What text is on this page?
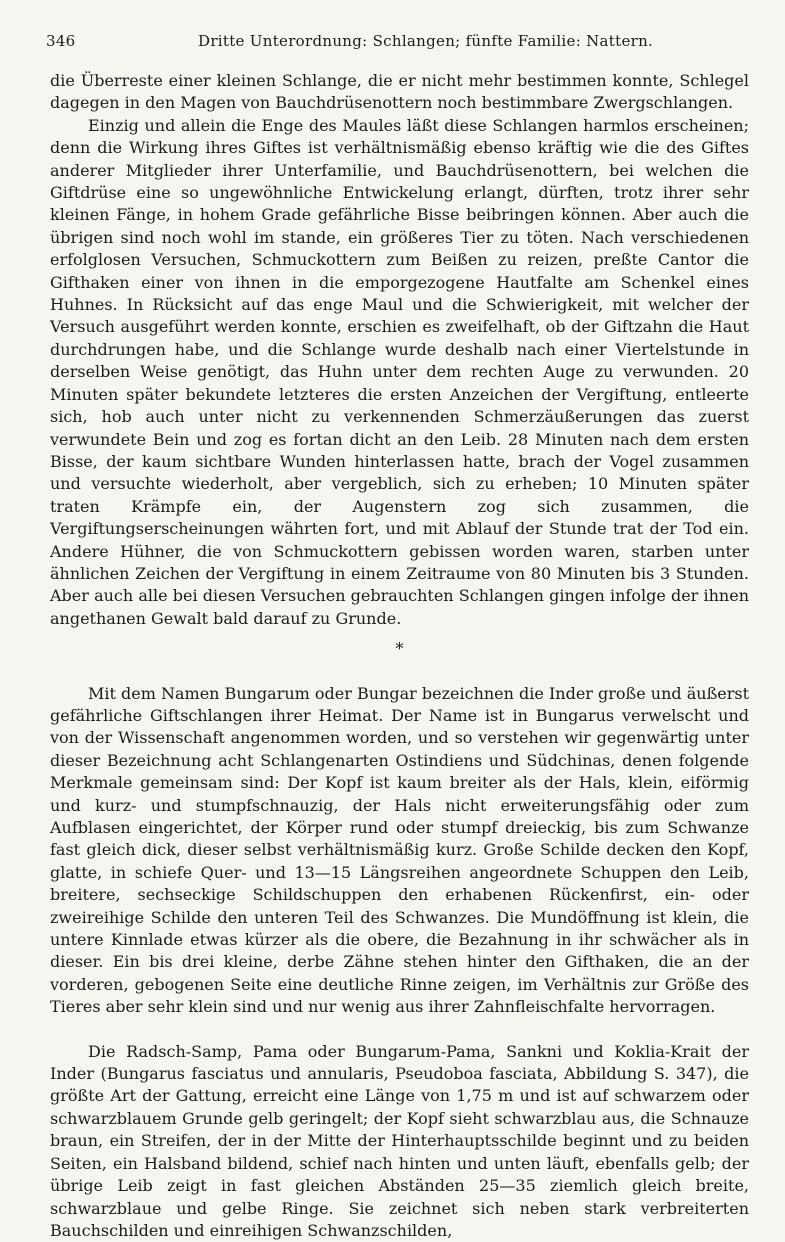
346	Dritte Unterordnung: Schlangen; fünfte Familie: Nattern.

die Überreste einer kleinen Schlange, die er nicht mehr bestimmen konnte, Schlegel dagegen in den Magen von Bauchdrüsenottern noch bestimmbare Zwergschlangen.

Einzig und allein die Enge des Maules läßt diese Schlangen harmlos erscheinen; denn die Wirkung ihres Giftes ist verhältnismäßig ebenso kräftig wie die des Giftes anderer Mitglieder ihrer Unterfamilie, und Bauchdrüsenottern, bei welchen die Giftdrüse eine so ungewöhnliche Entwickelung erlangt, dürften, trotz ihrer sehr kleinen Fänge, in hohem Grade gefährliche Bisse beibringen können. Aber auch die übrigen sind noch wohl im stande, ein größeres Tier zu töten. Nach verschiedenen erfolglosen Versuchen, Schmuckottern zum Beißen zu reizen, preßte Cantor die Gifthaken einer von ihnen in die emporgezogene Hautfalte am Schenkel eines Huhnes. In Rücksicht auf das enge Maul und die Schwierigkeit, mit welcher der Versuch ausgeführt werden konnte, erschien es zweifelhaft, ob der Giftzahn die Haut durchdrungen habe, und die Schlange wurde deshalb nach einer Viertelstunde in derselben Weise genötigt, das Huhn unter dem rechten Auge zu verwunden. 20 Minuten später bekundete letzteres die ersten Anzeichen der Vergiftung, entleerte sich, hob auch unter nicht zu verkennenden Schmerzäußerungen das zuerst verwundete Bein und zog es fortan dicht an den Leib. 28 Minuten nach dem ersten Bisse, der kaum sichtbare Wunden hinterlassen hatte, brach der Vogel zusammen und versuchte wiederholt, aber vergeblich, sich zu erheben; 10 Minuten später traten Krämpfe ein, der Augenstern zog sich zusammen, die Vergiftungserscheinungen währten fort, und mit Ablauf der Stunde trat der Tod ein. Andere Hühner, die von Schmuckottern gebissen worden waren, starben unter ähnlichen Zeichen der Vergiftung in einem Zeitraume von 80 Minuten bis 3 Stunden. Aber auch alle bei diesen Versuchen gebrauchten Schlangen gingen infolge der ihnen angethanen Gewalt bald darauf zu Grunde.

*

Mit dem Namen Bungarum oder Bungar bezeichnen die Inder große und äußerst gefährliche Giftschlangen ihrer Heimat. Der Name ist in Bungarus verwelscht und von der Wissenschaft angenommen worden, und so verstehen wir gegenwärtig unter dieser Bezeichnung acht Schlangenarten Ostindiens und Südchinas, denen folgende Merkmale gemeinsam sind: Der Kopf ist kaum breiter als der Hals, klein, eiförmig und kurz- und stumpfschnauzig, der Hals nicht erweiterungsfähig oder zum Aufblasen eingerichtet, der Körper rund oder stumpf dreieckig, bis zum Schwanze fast gleich dick, dieser selbst verhältnismäßig kurz. Große Schilde decken den Kopf, glatte, in schiefe Quer- und 13—15 Längsreihen angeordnete Schuppen den Leib, breitere, sechseckige Schildschuppen den erhabenen Rückenfirst, ein- oder zweireihige Schilde den unteren Teil des Schwanzes. Die Mundöffnung ist klein, die untere Kinnlade etwas kürzer als die obere, die Bezahnung in ihr schwächer als in dieser. Ein bis drei kleine, derbe Zähne stehen hinter den Gifthaken, die an der vorderen, gebogenen Seite eine deutliche Rinne zeigen, im Verhältnis zur Größe des Tieres aber sehr klein sind und nur wenig aus ihrer Zahnfleischfalte hervorragen.

Die Radsch-Samp, Pama oder Bungarum-Pama, Sankni und Koklia-Krait der Inder (Bungarus fasciatus und annularis, Pseudoboa fasciata, Abbildung S. 347), die größte Art der Gattung, erreicht eine Länge von 1,75 m und ist auf schwarzem oder schwarzblauem Grunde gelb geringelt; der Kopf sieht schwarzblau aus, die Schnauze braun, ein Streifen, der in der Mitte der Hinterhauptsschilde beginnt und zu beiden Seiten, ein Halsband bildend, schief nach hinten und unten läuft, ebenfalls gelb; der übrige Leib zeigt in fast gleichen Abständen 25—35 ziemlich gleich breite, schwarzblaue und gelbe Ringe. Sie zeichnet sich neben stark verbreiterten Bauchschilden und einreihigen Schwanzschilden,
